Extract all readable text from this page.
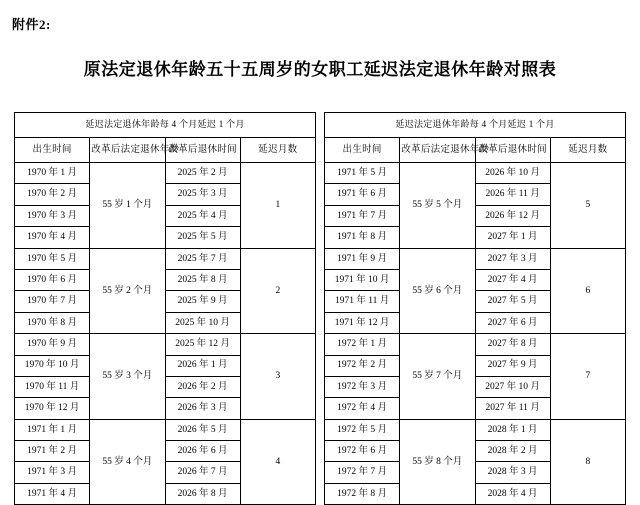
附件2:
原法定退休年龄五十五周岁的女职工延迟法定退休年龄对照表
延迟法定退休年龄每 4 个月延迟 1 个月			
出生时间	改革后法定退休年龄	改革后退休时间	延迟月数
1970 年 1 月	55 岁 1 个月	2025 年 2 月	1
1970 年 2 月		2025 年 3 月	
1970 年 3 月		2025 年 4 月	
1970 年 4 月		2025 年 5 月	
1970 年 5 月	55 岁 2 个月	2025 年 7 月	2
1970 年 6 月		2025 年 8 月	
1970 年 7 月		2025 年 9 月	
1970 年 8 月		2025 年 10 月	
1970 年 9 月	55 岁 3 个月	2025 年 12 月	3
1970 年 10 月		2026 年 1 月	
1970 年 11 月		2026 年 2 月	
1970 年 12 月		2026 年 3 月	
1971 年 1 月	55 岁 4 个月	2026 年 5 月	4
1971 年 2 月		2026 年 6 月	
1971 年 3 月		2026 年 7 月	
1971 年 4 月		2026 年 8 月	
延迟法定退休年龄每 4 个月延迟 1 个月			
出生时间	改革后法定退休年龄	改革后退休时间	延迟月数
1971 年 5 月	55 岁 5 个月	2026 年 10 月	5
1971 年 6 月		2026 年 11 月	
1971 年 7 月		2026 年 12 月	
1971 年 8 月		2027 年 1 月	
1971 年 9 月	55 岁 6 个月	2027 年 3 月	6
1971 年 10 月		2027 年 4 月	
1971 年 11 月		2027 年 5 月	
1971 年 12 月		2027 年 6 月	
1972 年 1 月	55 岁 7 个月	2027 年 8 月	7
1972 年 2 月		2027 年 9 月	
1972 年 3 月		2027 年 10 月	
1972 年 4 月		2027 年 11 月	
1972 年 5 月	55 岁 8 个月	2028 年 1 月	8
1972 年 6 月		2028 年 2 月	
1972 年 7 月		2028 年 3 月	
1972 年 8 月		2028 年 4 月	
